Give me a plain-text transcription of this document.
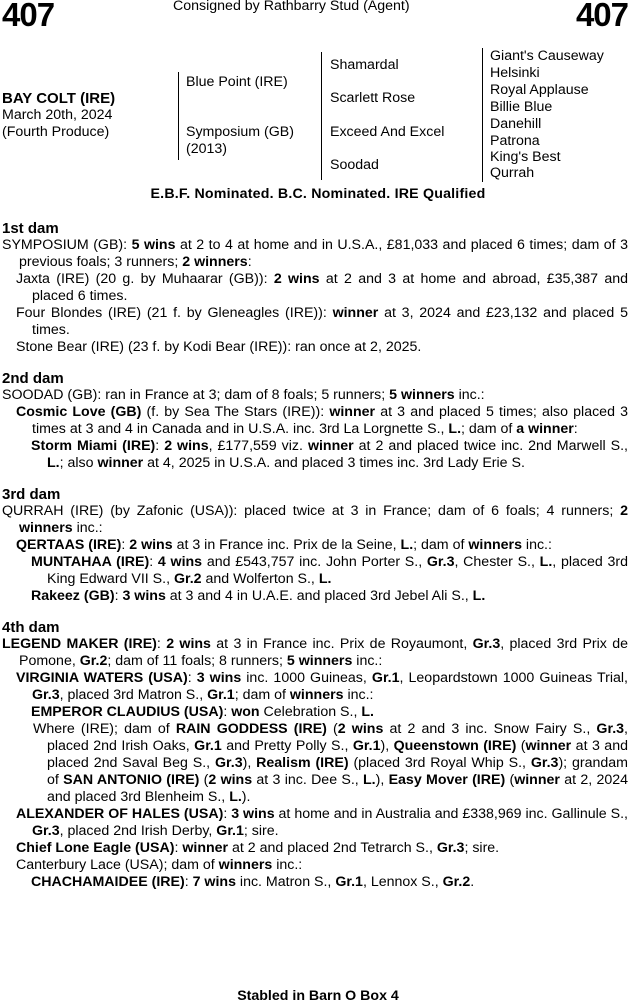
407	Consigned by Rathbarry Stud (Agent)	407
BAY COLT (IRE)
March 20th, 2024
(Fourth Produce)
Blue Point (IRE)
Symposium (GB)
(2013)
Shamardal
Scarlett Rose
Exceed And Excel
Soodad
Giant's Causeway
Helsinki
Royal Applause
Billie Blue
Danehill
Patrona
King's Best
Qurrah
E.B.F. Nominated. B.C. Nominated. IRE Qualified

1st dam

SYMPOSIUM (GB): 5 wins at 2 to 4 at home and in U.S.A., £81,033 and placed 6 times; dam of 3 previous foals; 3 runners; 2 winners:

Jaxta (IRE) (20 g. by Muhaarar (GB)): 2 wins at 2 and 3 at home and abroad, £35,387 and placed 6 times.

Four Blondes (IRE) (21 f. by Gleneagles (IRE)): winner at 3, 2024 and £23,132 and placed 5 times.

Stone Bear (IRE) (23 f. by Kodi Bear (IRE)): ran once at 2, 2025.

2nd dam

SOODAD (GB): ran in France at 3; dam of 8 foals; 5 runners; 5 winners inc.:

Cosmic Love (GB) (f. by Sea The Stars (IRE)): winner at 3 and placed 5 times; also placed 3 times at 3 and 4 in Canada and in U.S.A. inc. 3rd La Lorgnette S., L.; dam of a winner:

Storm Miami (IRE): 2 wins, £177,559 viz. winner at 2 and placed twice inc. 2nd Marwell S., L.; also winner at 4, 2025 in U.S.A. and placed 3 times inc. 3rd Lady Erie S.

3rd dam

QURRAH (IRE) (by Zafonic (USA)): placed twice at 3 in France; dam of 6 foals; 4 runners; 2 winners inc.:

QERTAAS (IRE): 2 wins at 3 in France inc. Prix de la Seine, L.; dam of winners inc.:

MUNTAHAA (IRE): 4 wins and £543,757 inc. John Porter S., Gr.3, Chester S., L., placed 3rd King Edward VII S., Gr.2 and Wolferton S., L.

Rakeez (GB): 3 wins at 3 and 4 in U.A.E. and placed 3rd Jebel Ali S., L.

4th dam

LEGEND MAKER (IRE): 2 wins at 3 in France inc. Prix de Royaumont, Gr.3, placed 3rd Prix de Pomone, Gr.2; dam of 11 foals; 8 runners; 5 winners inc.:

VIRGINIA WATERS (USA): 3 wins inc. 1000 Guineas, Gr.1, Leopardstown 1000 Guineas Trial, Gr.3, placed 3rd Matron S., Gr.1; dam of winners inc.:

EMPEROR CLAUDIUS (USA): won Celebration S., L.

Where (IRE); dam of RAIN GODDESS (IRE) (2 wins at 2 and 3 inc. Snow Fairy S., Gr.3, placed 2nd Irish Oaks, Gr.1 and Pretty Polly S., Gr.1), Queenstown (IRE) (winner at 3 and placed 2nd Saval Beg S., Gr.3), Realism (IRE) (placed 3rd Royal Whip S., Gr.3); grandam of SAN ANTONIO (IRE) (2 wins at 3 inc. Dee S., L.), Easy Mover (IRE) (winner at 2, 2024 and placed 3rd Blenheim S., L.).

ALEXANDER OF HALES (USA): 3 wins at home and in Australia and £338,969 inc. Gallinule S., Gr.3, placed 2nd Irish Derby, Gr.1; sire.

Chief Lone Eagle (USA): winner at 2 and placed 2nd Tetrarch S., Gr.3; sire.

Canterbury Lace (USA); dam of winners inc.:

CHACHAMAIDEE (IRE): 7 wins inc. Matron S., Gr.1, Lennox S., Gr.2.

Stabled in Barn O Box 4
